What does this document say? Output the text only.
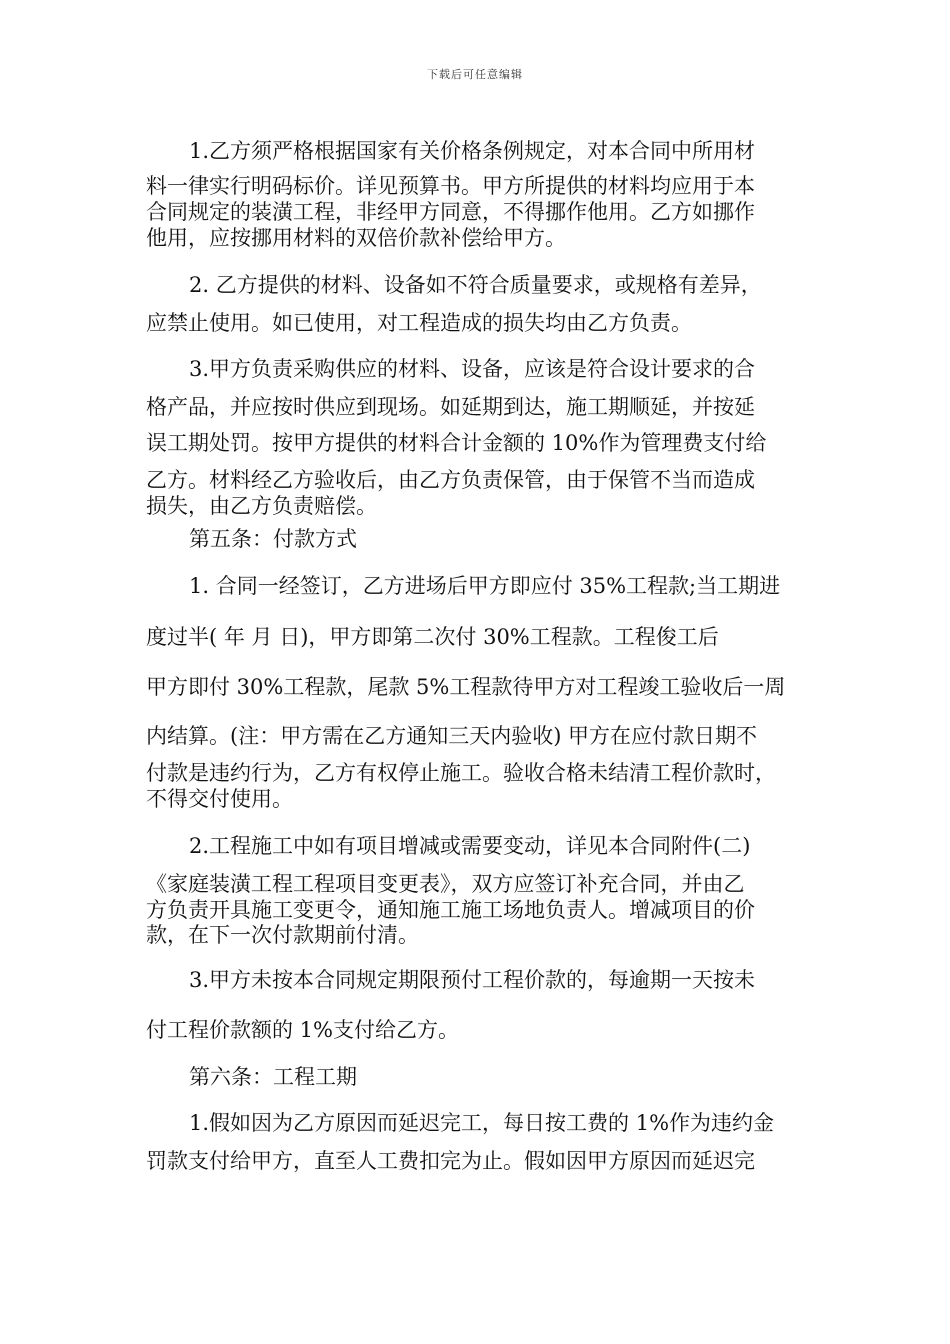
下载后可任意编辑
1.乙方须严格根据国家有关价格条例规定，对本合同中所用材
料一律实行明码标价。详见预算书。甲方所提供的材料均应用于本
合同规定的装潢工程，非经甲方同意，不得挪作他用。乙方如挪作
他用，应按挪用材料的双倍价款补偿给甲方。
2. 乙方提供的材料、设备如不符合质量要求，或规格有差异，
应禁止使用。如已使用，对工程造成的损失均由乙方负责。
3.甲方负责采购供应的材料、设备，应该是符合设计要求的合
格产品，并应按时供应到现场。如延期到达，施工期顺延，并按延
误工期处罚。按甲方提供的材料合计金额的 10%作为管理费支付给
乙方。材料经乙方验收后，由乙方负责保管，由于保管不当而造成
损失，由乙方负责赔偿。
第五条：付款方式
1. 合同一经签订，乙方进场后甲方即应付 35%工程款;当工期进
度过半( 年 月 日)，甲方即第二次付 30%工程款。工程俊工后
甲方即付 30%工程款，尾款 5%工程款待甲方对工程竣工验收后一周
内结算。(注：甲方需在乙方通知三天内验收) 甲方在应付款日期不
付款是违约行为，乙方有权停止施工。验收合格未结清工程价款时，
不得交付使用。
2.工程施工中如有项目增减或需要变动，详见本合同附件(二)
《家庭装潢工程工程项目变更表》，双方应签订补充合同，并由乙
方负责开具施工变更令，通知施工施工场地负责人。增减项目的价
款，在下一次付款期前付清。
3.甲方未按本合同规定期限预付工程价款的，每逾期一天按未
付工程价款额的 1%支付给乙方。
第六条：工程工期
1.假如因为乙方原因而延迟完工，每日按工费的 1%作为违约金
罚款支付给甲方，直至人工费扣完为止。假如因甲方原因而延迟完
